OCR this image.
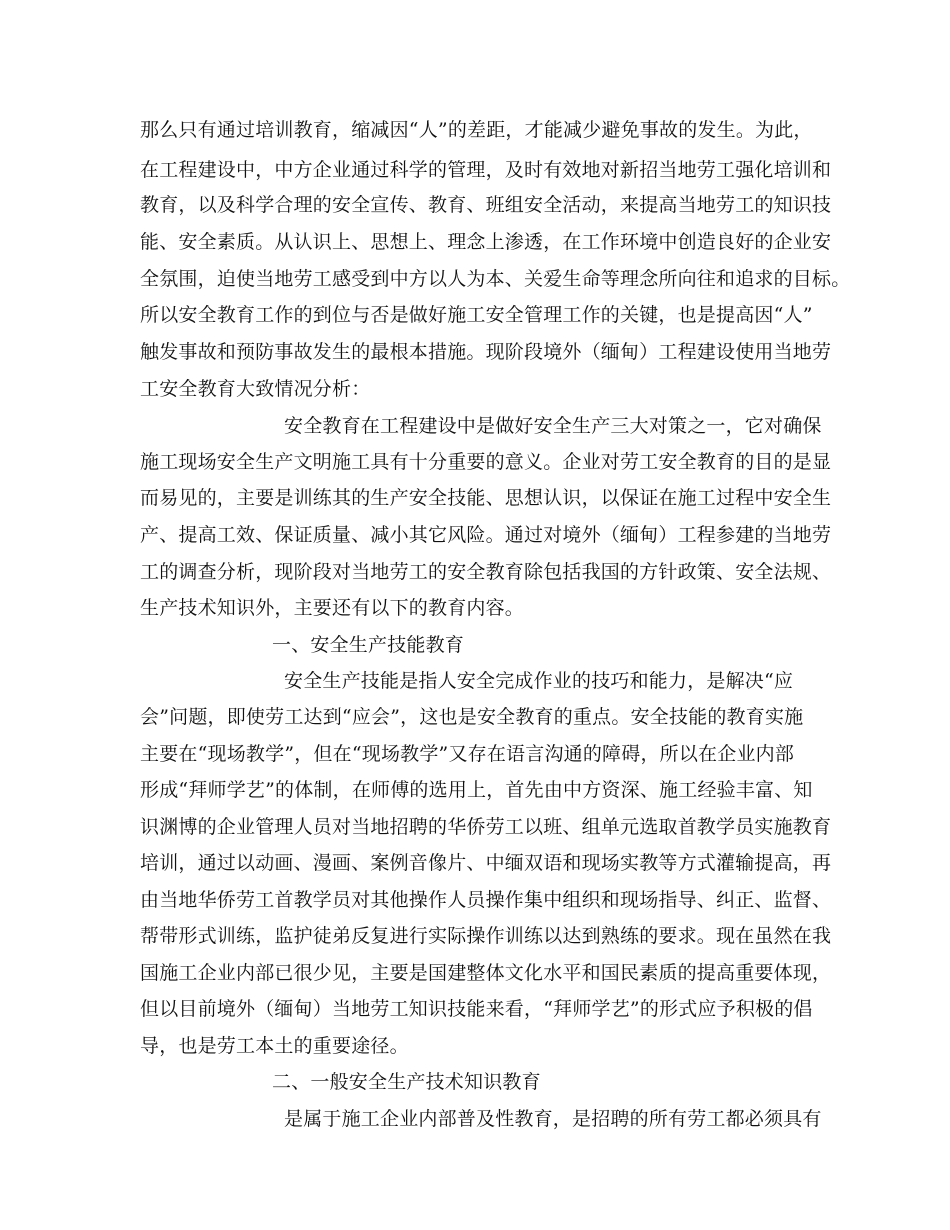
那么只有通过培训教育，缩减因“人”的差距，才能减少避免事故的发生。为此，
在工程建设中，中方企业通过科学的管理，及时有效地对新招当地劳工强化培训和
教育，以及科学合理的安全宣传、教育、班组安全活动，来提高当地劳工的知识技
能、安全素质。从认识上、思想上、理念上渗透，在工作环境中创造良好的企业安
全氛围，迫使当地劳工感受到中方以人为本、关爱生命等理念所向往和追求的目标。
所以安全教育工作的到位与否是做好施工安全管理工作的关键，也是提高因“人”
触发事故和预防事故发生的最根本措施。现阶段境外（缅甸）工程建设使用当地劳
工安全教育大致情况分析：
安全教育在工程建设中是做好安全生产三大对策之一，它对确保
施工现场安全生产文明施工具有十分重要的意义。企业对劳工安全教育的目的是显
而易见的，主要是训练其的生产安全技能、思想认识，以保证在施工过程中安全生
产、提高工效、保证质量、减小其它风险。通过对境外（缅甸）工程参建的当地劳
工的调查分析，现阶段对当地劳工的安全教育除包括我国的方针政策、安全法规、
生产技术知识外，主要还有以下的教育内容。
一、安全生产技能教育
安全生产技能是指人安全完成作业的技巧和能力，是解决“应
会”问题，即使劳工达到“应会”，这也是安全教育的重点。安全技能的教育实施
主要在“现场教学”，但在“现场教学”又存在语言沟通的障碍，所以在企业内部
形成“拜师学艺”的体制，在师傅的选用上，首先由中方资深、施工经验丰富、知
识渊博的企业管理人员对当地招聘的华侨劳工以班、组单元选取首教学员实施教育
培训，通过以动画、漫画、案例音像片、中缅双语和现场实教等方式灌输提高，再
由当地华侨劳工首教学员对其他操作人员操作集中组织和现场指导、纠正、监督、
帮带形式训练，监护徒弟反复进行实际操作训练以达到熟练的要求。现在虽然在我
国施工企业内部已很少见，主要是国建整体文化水平和国民素质的提高重要体现，
但以目前境外（缅甸）当地劳工知识技能来看，“拜师学艺”的形式应予积极的倡
导，也是劳工本土的重要途径。
二、一般安全生产技术知识教育
是属于施工企业内部普及性教育，是招聘的所有劳工都必须具有
